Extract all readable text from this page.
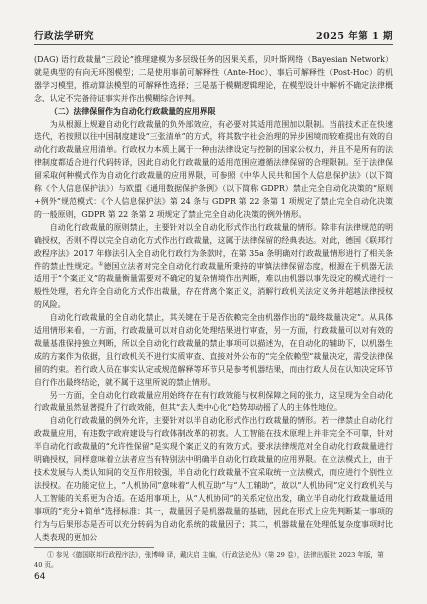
行政法学研究	2025 年第 1 期

(DAG) 语行政裁量“三段论”推理建模为多层级任务的因果关系，贝叶斯网络（Bayesian Network）就是典型的有向无环图模型；二是使用事前可解释性（Ante-Hoc）、事后可解释性（Post-Hoc）的机器学习模型，推动算法模型的可解释性选择；三是基于模糊逻辑理论，在模型设计中解析不确定法律概念、认定不完备待证事实并作出模糊综合评判。

（二）法律保留作为自动化行政裁量的应用界限

为从根源上规避自动化行政裁量的负外部效应，有必要对其适用范围加以限制。当前技术正在快速迭代，若按照以往中国制度建设“三张清单”的方式，将其数字社会治理的异步困境而较难提出有效的自动化行政裁量应用清单。行政权力本质上属于一种由法律设定与控制的国家公权力，并且不是所有的法律制度都适合进行代码转译，因此自动化行政裁量的适用范围应遵循法律保留的合理限制。至于法律保留采取何种模式作为自动化行政裁量的应用界限，可参照《中华人民共和国个人信息保护法》（以下简称《个人信息保护法》）与欧盟《通用数据保护条例》（以下简称 GDPR）禁止完全自动化决策的“原则+例外”规范模式：《个人信息保护法》第 24 条与 GDPR 第 22 条第 1 项规定了禁止完全自动化决策的一般原则，GDPR 第 22 条第 2 项规定了禁止完全自动化决策的例外情形。

自动化行政裁量的原则禁止，主要针对以全自动化形式作出行政裁量的情形。除非有法律规范的明确授权，否则不得以完全自动化方式作出行政裁量，这属于法律保留的经典表达。对此，德国《联邦行政程序法》2017 年修法引入全自动化行政行为条款时，在第 35a 条明确对行政裁量情形进行了相关条件的禁止性规定。①德国立法者对完全自动化行政裁量所秉持的审慎法律保留态度，根源在于机器无法适用于“个案正义”的裁量衡量需要对不确定的复杂情境作出判断，难以由机器以事先设定的模式进行一般性处理，若允许全自动化方式作出裁量，存在背离个案正义，消解行政机关法定义务并超越法律授权的风险。

自动化行政裁量的全自动化禁止，其关键在于是否依赖完全由机器作出的“最终裁量决定”。从具体适用情形来看，一方面，行政裁量可以对自动化处理结果进行审查，另一方面，行政裁量可以对有效的裁量基准保持独立判断，所以全自动化行政裁量的禁止事项可以描述为，在自动化的辅助下，以机器生成的方案作为依据，且行政机关不进行实质审查、直接对外公布的“完全依赖型”裁量决定，需受法律保留的约束。若行政人员在事实认定或规范解释等环节只是参考机器结果，而由行政人员在认知决定环节自行作出最终结论，就不属于这里所说的禁止情形。

另一方面，全自动化行政裁量应用始终存在有行政效能与权利保障之间的张力，这呈现为全自动化行政裁量虽然显著提升了行政效能，但其“去人类中心化”趋势却动摇了人的主体性地位。

自动化行政裁量的例外允许，主要针对以半自动化形式作出行政裁量的情形。若一律禁止自动化行政裁量应用，有违数字政府建设与行政体制改革的初衷。人工智能在技术原理上并非完全不可靠，针对半自动化行政裁量的“允许性保留”是实现个案正义的有效方式。要求法律规范对全自动化行政裁量进行明确授权，同样意味着立法者应当有特别法中明确半自动化行政裁量的应用界限。在立法模式上，由于技术发展与人类认知间的交互作用较强，半自动化行政裁量不宜采取统一立法模式，而应进行个别性立法授权。在功能定位上，“人机协同”意味着“人机互助”与“人工辅助”，故以“人机协同”定义行政机关与人工智能的关系更为合适。在适用事项上，从“人机协同”的关系定位出发，确立半自动化行政裁量适用事项的“充分+简单”选择标准：其一，裁量因子是机器裁量的基础，因此在形式上应先判断某一事项的行为与后果形态是否可以充分转码为自动化系统的裁量因子；其二，机器裁量在处理低复杂度事项时比人类表现的更加公

① 参见《德国联邦行政程序法》，张博峰 译，戴庆启 主编，《行政法论丛》（第 29 卷），法律出版社 2023 年版，第 40 页。
64
